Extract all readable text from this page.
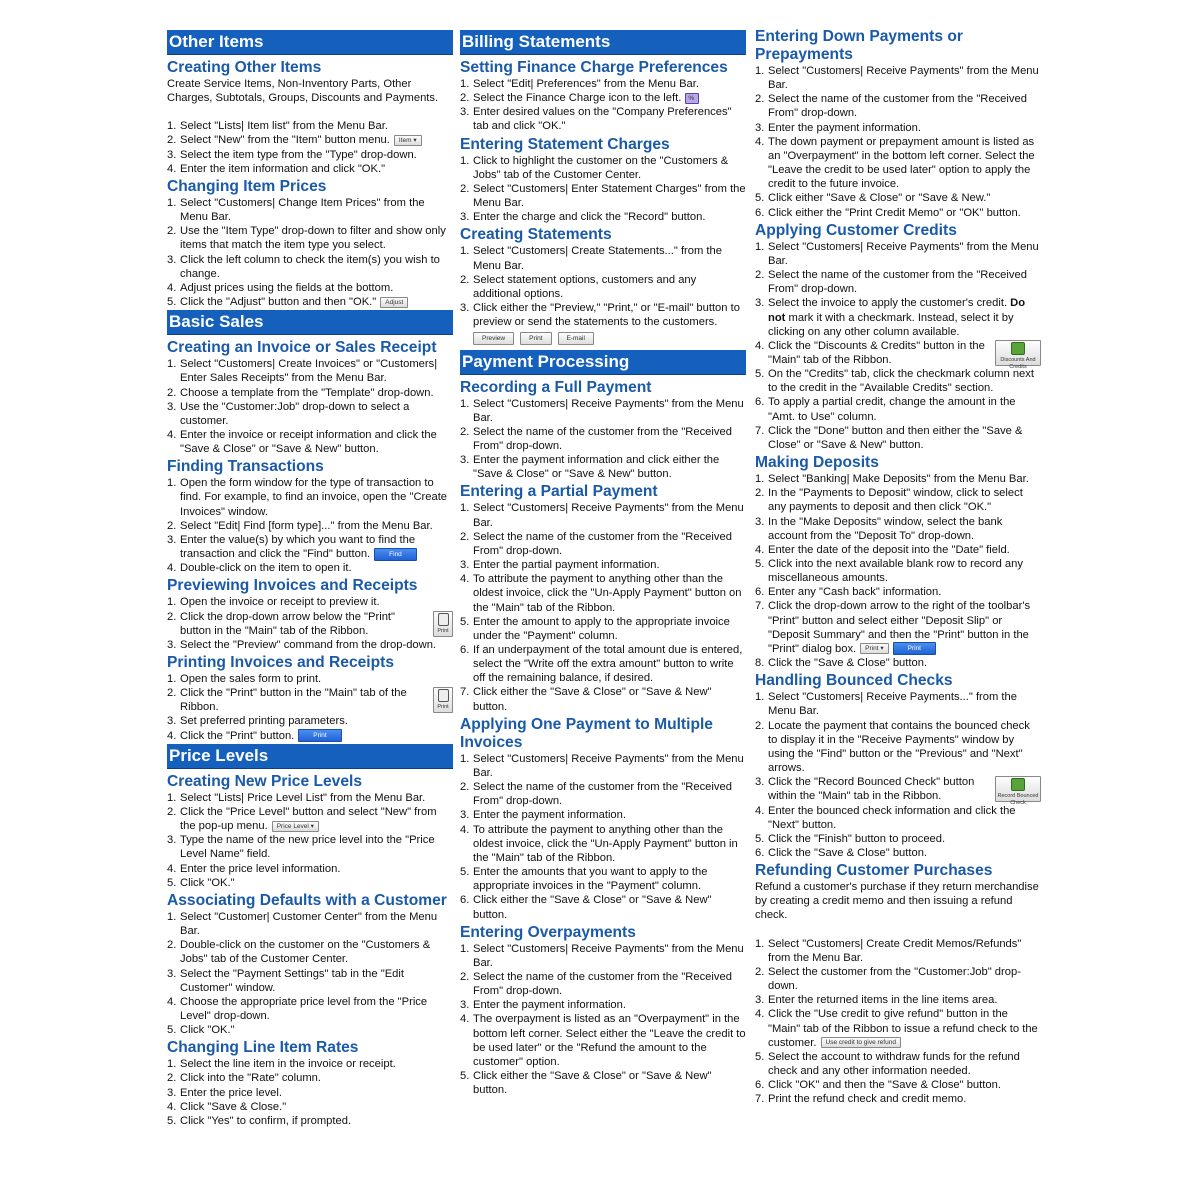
Other Items
Creating Other Items

Create Service Items, Non-Inventory Parts, Other Charges, Subtotals, Groups, Discounts and Payments.

1. Select "Lists| Item list" from the Menu Bar.
2. Select "New" from the "Item" button menu. Item ▾
3. Select the item type from the "Type" drop-down.
4. Enter the item information and click "OK."
Changing Item Prices
1. Select "Customers| Change Item Prices" from the Menu Bar.
2. Use the "Item Type" drop-down to filter and show only items that match the item type you select.
3. Click the left column to check the item(s) you wish to change.
4. Adjust prices using the fields at the bottom.
5. Click the "Adjust" button and then "OK." Adjust
Basic Sales
Creating an Invoice or Sales Receipt
1. Select "Customers| Create Invoices" or "Customers| Enter Sales Receipts" from the Menu Bar.
2. Choose a template from the "Template" drop-down.
3. Use the "Customer:Job" drop-down to select a customer.
4. Enter the invoice or receipt information and click the "Save & Close" or "Save & New" button.
Finding Transactions
1. Open the form window for the type of transaction to find. For example, to find an invoice, open the "Create Invoices" window.
2. Select "Edit| Find [form type]..." from the Menu Bar.
3. Enter the value(s) by which you want to find the transaction and click the "Find" button.	Find
4. Double-click on the item to open it.
Previewing Invoices and Receipts
1. Open the invoice or receipt to preview it.
2.
Print
Click the drop-down arrow below the "Print" button in the "Main" tab of the Ribbon.
3. Select the "Preview" command from the drop-down.
Printing Invoices and Receipts
1. Open the sales form to print.
2.
Print
Click the "Print" button in the "Main" tab of the Ribbon.
3. Set preferred printing parameters.
4. Click the "Print" button.	Print
Price Levels
Creating New Price Levels
1. Select "Lists| Price Level List" from the Menu Bar.
2. Click the "Price Level" button and select "New" from the pop-up menu. Price Level ▾
3. Type the name of the new price level into the "Price Level Name" field.
4. Enter the price level information.
5. Click "OK."
Associating Defaults with a Customer
1. Select "Customer| Customer Center" from the Menu Bar.
2. Double-click on the customer on the "Customers & Jobs" tab of the Customer Center.
3. Select the "Payment Settings" tab in the "Edit Customer" window.
4. Choose the appropriate price level from the "Price Level" drop-down.
5. Click "OK."
Changing Line Item Rates
1. Select the line item in the invoice or receipt.
2. Click into the "Rate" column.
3. Enter the price level.
4. Click "Save & Close."
5. Click "Yes" to confirm, if prompted.
Billing Statements
Setting Finance Charge Preferences
1. Select "Edit| Preferences" from the Menu Bar.
2. Select the Finance Charge icon to the left. %
3. Enter desired values on the "Company Preferences" tab and click "OK."
Entering Statement Charges
1. Click to highlight the customer on the "Customers & Jobs" tab of the Customer Center.
2. Select "Customers| Enter Statement Charges" from the Menu Bar.
3. Enter the charge and click the "Record" button.
Creating Statements
1. Select "Customers| Create Statements..." from the Menu Bar.
2. Select statement options, customers and any additional options.
3. Click either the "Preview," "Print," or "E-mail" button to preview or send the statements to the customers.
Preview	Print	E-mail
Payment Processing
Recording a Full Payment
1. Select "Customers| Receive Payments" from the Menu Bar.
2. Select the name of the customer from the "Received From" drop-down.
3. Enter the payment information and click either the "Save & Close" or "Save & New" button.
Entering a Partial Payment
1. Select "Customers| Receive Payments" from the Menu Bar.
2. Select the name of the customer from the "Received From" drop-down.
3. Enter the partial payment information.
4. To attribute the payment to anything other than the oldest invoice, click the "Un-Apply Payment" button on the "Main" tab of the Ribbon.
5. Enter the amount to apply to the appropriate invoice under the "Payment" column.
6. If an underpayment of the total amount due is entered, select the "Write off the extra amount" button to write off the remaining balance, if desired.
7. Click either the "Save & Close" or "Save & New" button.
Applying One Payment to Multiple Invoices
1. Select "Customers| Receive Payments" from the Menu Bar.
2. Select the name of the customer from the "Received From" drop-down.
3. Enter the payment information.
4. To attribute the payment to anything other than the oldest invoice, click the "Un-Apply Payment" button in the "Main" tab of the Ribbon.
5. Enter the amounts that you want to apply to the appropriate invoices in the "Payment" column.
6. Click either the "Save & Close" or "Save & New" button.
Entering Overpayments
1. Select "Customers| Receive Payments" from the Menu Bar.
2. Select the name of the customer from the "Received From" drop-down.
3. Enter the payment information.
4. The overpayment is listed as an "Overpayment" in the bottom left corner. Select either the "Leave the credit to be used later" or the "Refund the amount to the customer" option.
5. Click either the "Save & Close" or "Save & New" button.
Entering Down Payments or Prepayments
1. Select "Customers| Receive Payments" from the Menu Bar.
2. Select the name of the customer from the "Received From" drop-down.
3. Enter the payment information.
4. The down payment or prepayment amount is listed as an "Overpayment" in the bottom left corner. Select the "Leave the credit to be used later" option to apply the credit to the future invoice.
5. Click either "Save & Close" or "Save & New."
6. Click either the "Print Credit Memo" or "OK" button.
Applying Customer Credits
1. Select "Customers| Receive Payments" from the Menu Bar.
2. Select the name of the customer from the "Received From" drop-down.
3. Select the invoice to apply the customer's credit. Do not mark it with a checkmark. Instead, select it by clicking on any other column available.
4.
Discounts And Credits
Click the "Discounts & Credits" button in the "Main" tab of the Ribbon.
5. On the "Credits" tab, click the checkmark column next to the credit in the "Available Credits" section.
6. To apply a partial credit, change the amount in the "Amt. to Use" column.
7. Click the "Done" button and then either the "Save & Close" or "Save & New" button.
Making Deposits
1. Select "Banking| Make Deposits" from the Menu Bar.
2. In the "Payments to Deposit" window, click to select any payments to deposit and then click "OK."
3. In the "Make Deposits" window, select the bank account from the "Deposit To" drop-down.
4. Enter the date of the deposit into the "Date" field.
5. Click into the next available blank row to record any miscellaneous amounts.
6. Enter any "Cash back" information.
7. Click the drop-down arrow to the right of the toolbar's "Print" button and select either "Deposit Slip" or "Deposit Summary" and then the "Print" button in the "Print" dialog box. Print ▾	Print
8. Click the "Save & Close" button.
Handling Bounced Checks
1. Select "Customers| Receive Payments..." from the Menu Bar.
2. Locate the payment that contains the bounced check to display it in the "Receive Payments" window by using the "Find" button or the "Previous" and "Next" arrows.
3.
Record Bounced Check
Click the "Record Bounced Check" button within the "Main" tab in the Ribbon.
4. Enter the bounced check information and click the "Next" button.
5. Click the "Finish" button to proceed.
6. Click the "Save & Close" button.
Refunding Customer Purchases

Refund a customer's purchase if they return merchandise by creating a credit memo and then issuing a refund check.

1. Select "Customers| Create Credit Memos/Refunds" from the Menu Bar.
2. Select the customer from the "Customer:Job" drop-down.
3. Enter the returned items in the line items area.
4. Click the "Use credit to give refund" button in the "Main" tab of the Ribbon to issue a refund check to the customer. Use credit to give refund
5. Select the account to withdraw funds for the refund check and any other information needed.
6. Click "OK" and then the "Save & Close" button.
7. Print the refund check and credit memo.
